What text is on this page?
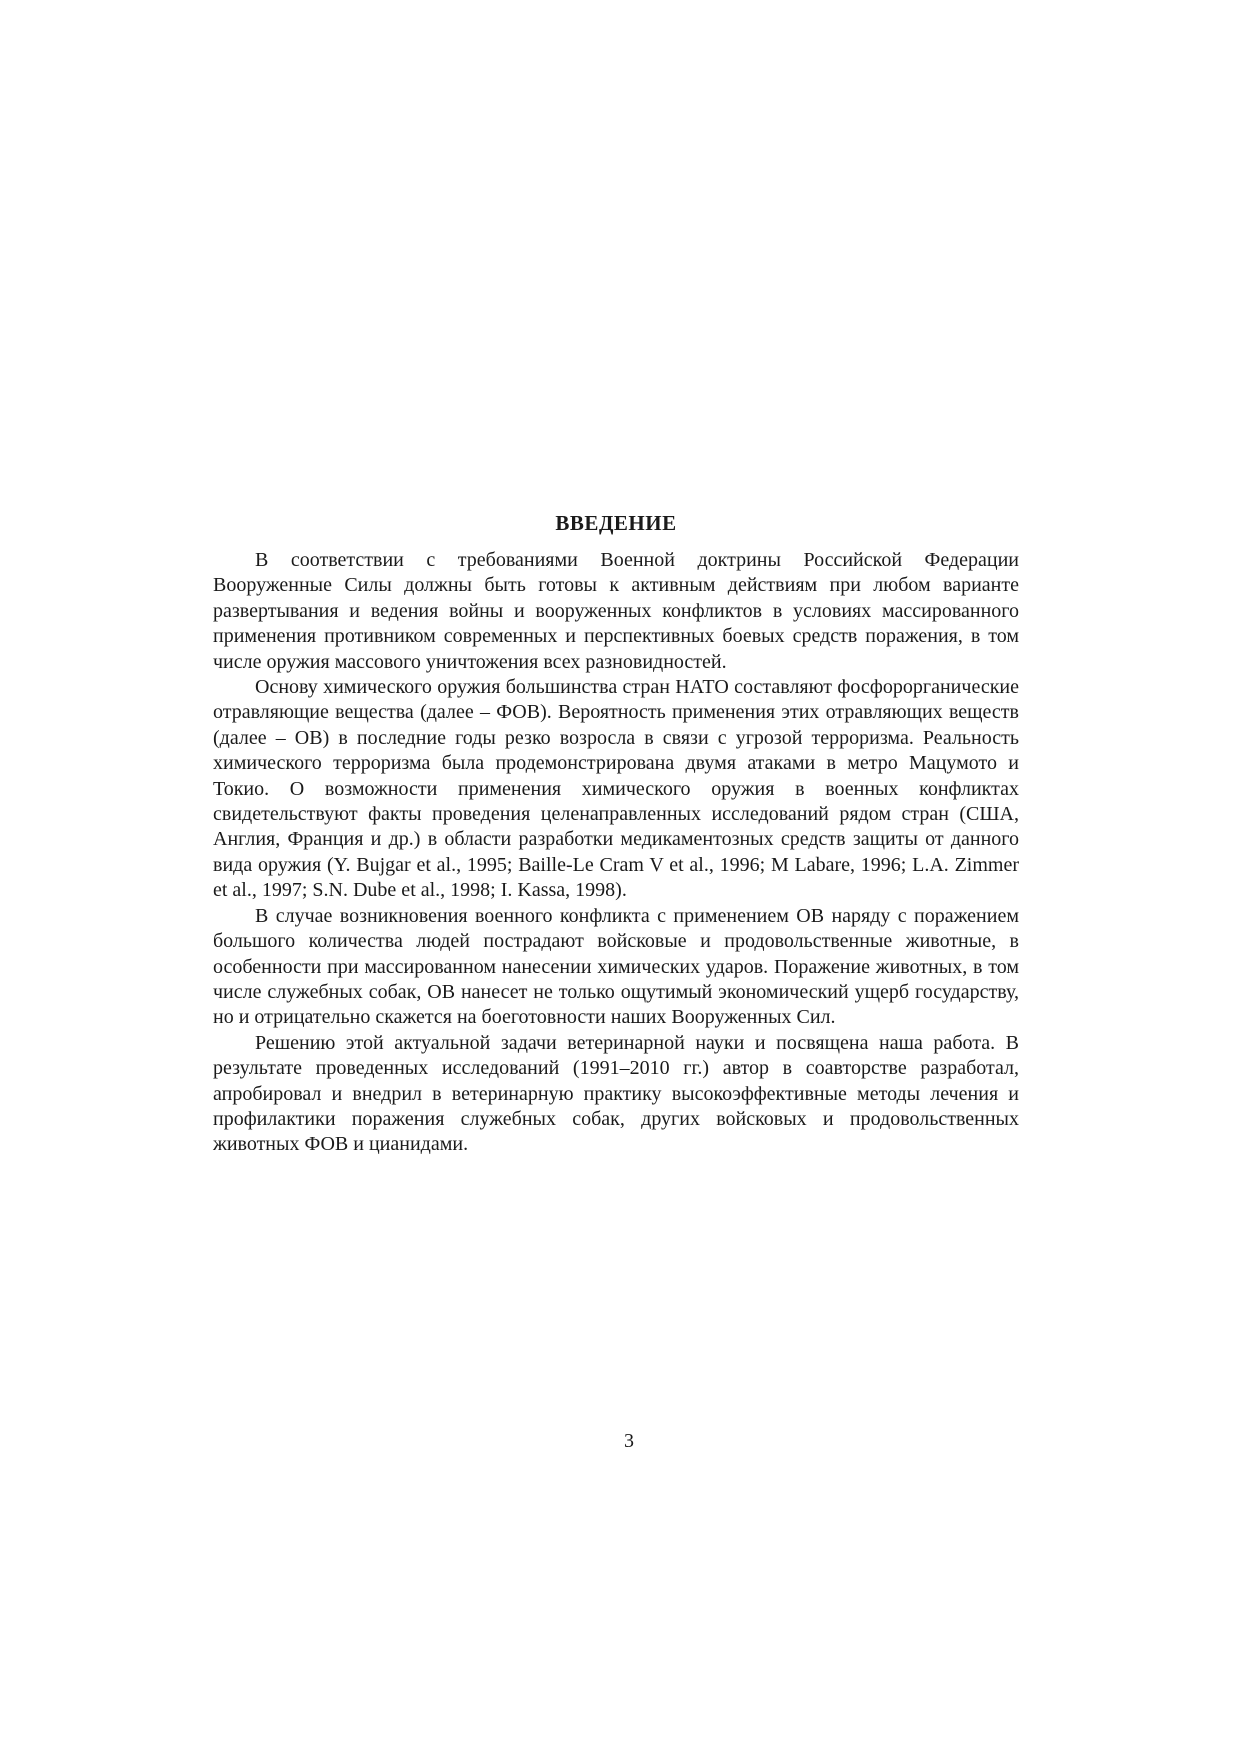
ВВЕДЕНИЕ

В соответствии с требованиями Военной доктрины Российской Федерации Вооруженные Силы должны быть готовы к активным действиям при любом варианте развертывания и ведения войны и вооруженных конфликтов в условиях массированного применения противником современных и перспективных боевых средств поражения, в том числе оружия массового уничтожения всех разновидностей.

Основу химического оружия большинства стран НАТО составляют фосфорорганические отравляющие вещества (далее – ФОВ). Вероятность применения этих отравляющих веществ (далее – ОВ) в последние годы резко возросла в связи с угрозой терроризма. Реальность химического терроризма была продемонстрирована двумя атаками в метро Мацумото и Токио. О возможности применения химического оружия в военных конфликтах свидетельствуют факты проведения целенаправленных исследований рядом стран (США, Англия, Франция и др.) в области разработки медикаментозных средств защиты от данного вида оружия (Y. Bujgar et al., 1995; Baille-Le Cram V et al., 1996; M Labare, 1996; L.A. Zimmer et al., 1997; S.N. Dube et al., 1998; I. Kassa, 1998).

В случае возникновения военного конфликта с применением ОВ наряду с поражением большого количества людей пострадают войсковые и продовольственные животные, в особенности при массированном нанесении химических ударов. Поражение животных, в том числе служебных собак, ОВ нанесет не только ощутимый экономический ущерб государству, но и отрицательно скажется на боеготовности наших Вооруженных Сил.

Решению этой актуальной задачи ветеринарной науки и посвящена наша работа. В результате проведенных исследований (1991–2010 гг.) автор в соавторстве разработал, апробировал и внедрил в ветеринарную практику высокоэффективные методы лечения и профилактики поражения служебных собак, других войсковых и продовольственных животных ФОВ и цианидами.

3
